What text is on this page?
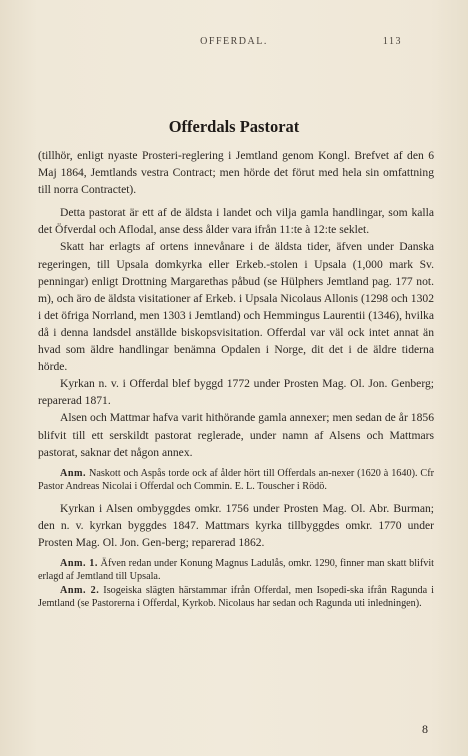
OFFERDAL.	113
Offerdals Pastorat

(tillhör, enligt nyaste Prosteri-reglering i Jemtland genom Kongl. Brefvet af den 6 Maj 1864, Jemtlands vestra Contract; men hörde det förut med hela sin omfattning till norra Contractet).

Detta pastorat är ett af de äldsta i landet och vilja gamla handlingar, som kalla det Öfverdal och Aflodal, anse dess ålder vara ifrån 11:te à 12:te seklet.

Skatt har erlagts af ortens innevånare i de äldsta tider, äfven under Danska regeringen, till Upsala domkyrka eller Erkeb.-stolen i Upsala (1,000 mark Sv. penningar) enligt Drottning Margarethas påbud (se Hülphers Jemtland pag. 177 not. m), och äro de äldsta visitationer af Erkeb. i Upsala Nicolaus Allonis (1298 och 1302 i det öfriga Norrland, men 1303 i Jemtland) och Hemmingus Laurentii (1346), hvilka då i denna landsdel anställde biskopsvisitation. Offerdal var väl ock intet annat än hvad som äldre handlingar benämna Opdalen i Norge, dit det i de äldre tiderna hörde.

Kyrkan n. v. i Offerdal blef byggd 1772 under Prosten Mag. Ol. Jon. Genberg; reparerad 1871.

Alsen och Mattmar hafva varit hithörande gamla annexer; men sedan de år 1856 blifvit till ett serskildt pastorat reglerade, under namn af Alsens och Mattmars pastorat, saknar det någon annex.

Anm. Naskott och Aspås torde ock af ålder hört till Offerdals an-nexer (1620 à 1640). Cfr Pastor Andreas Nicolai i Offerdal och Commin. E. L. Touscher i Rödö.

Kyrkan i Alsen ombyggdes omkr. 1756 under Prosten Mag. Ol. Abr. Burman; den n. v. kyrkan byggdes 1847. Mattmars kyrka tillbyggdes omkr. 1770 under Prosten Mag. Ol. Jon. Gen-berg; reparerad 1862.

Anm. 1. Äfven redan under Konung Magnus Ladulås, omkr. 1290, finner man skatt blifvit erlagd af Jemtland till Upsala.

Anm. 2. Isogeiska slägten härstammar ifrån Offerdal, men Isopedi-ska ifrån Ragunda i Jemtland (se Pastorerna i Offerdal, Kyrkob. Nicolaus har sedan och Ragunda uti inledningen).

8
